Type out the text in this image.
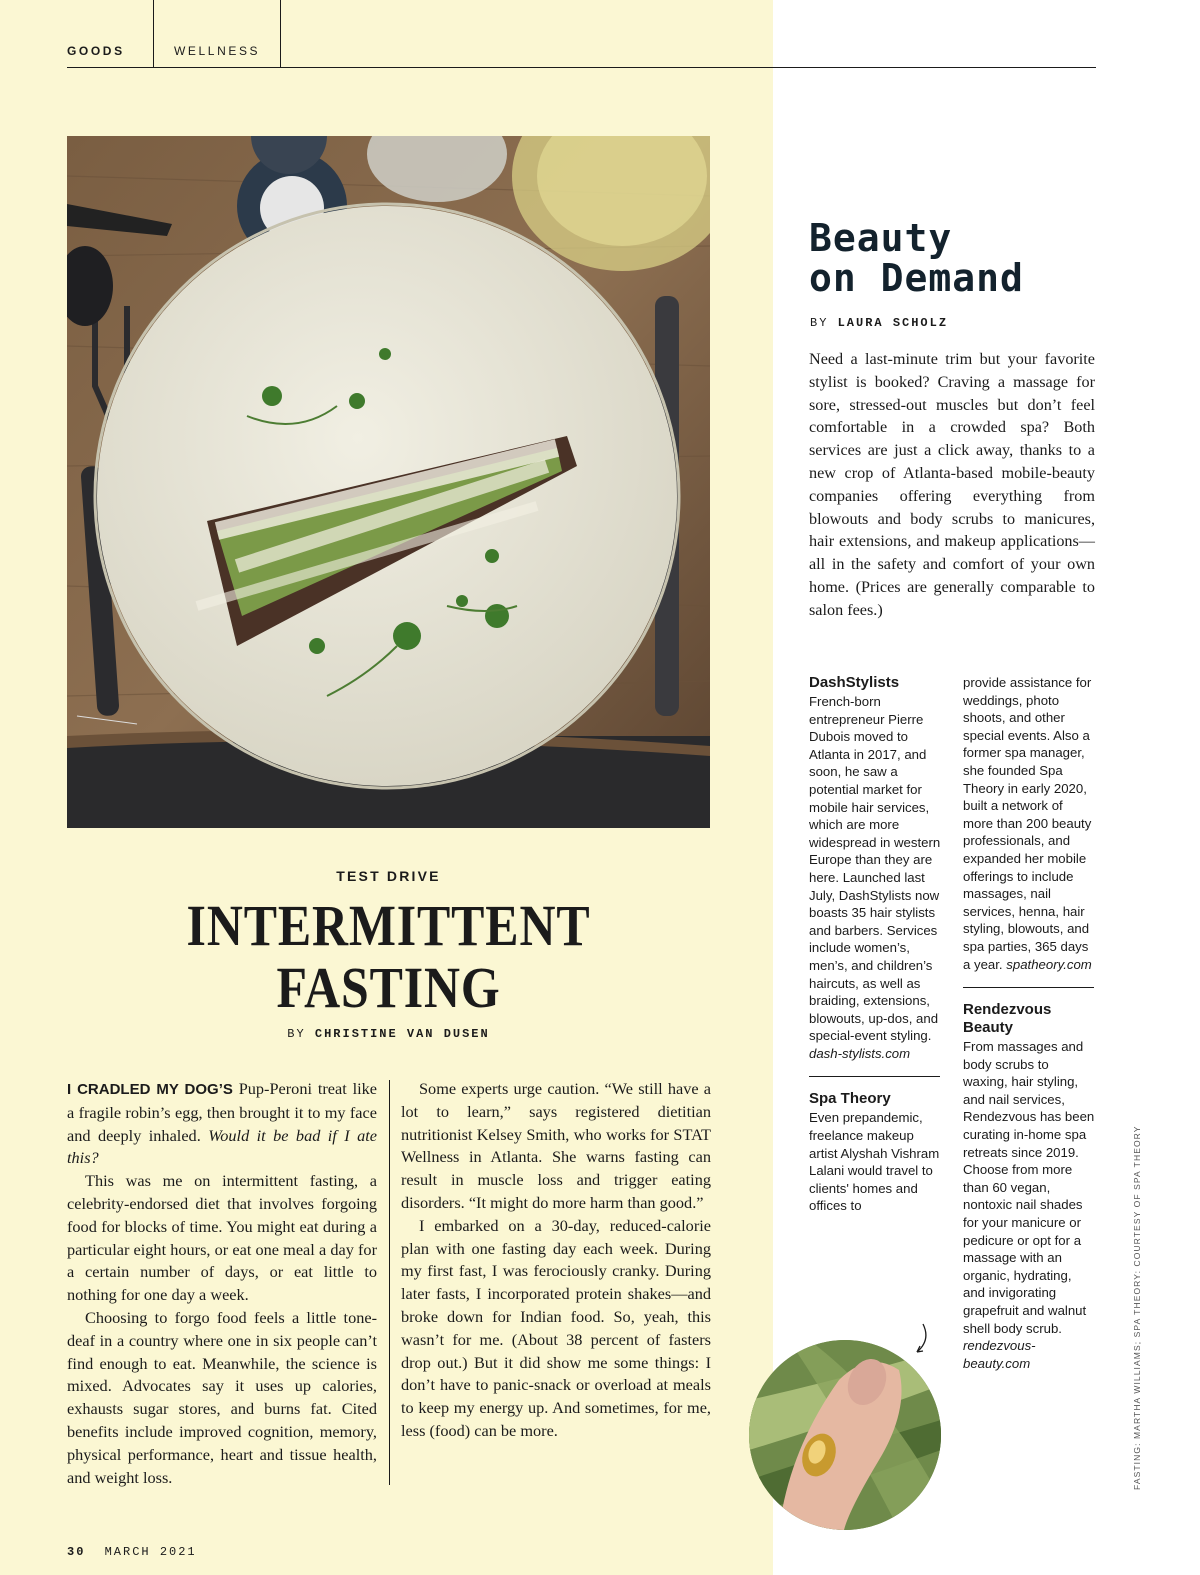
GOODS	WELLNESS
TEST DRIVE
INTERMITTENT
FASTING
BY CHRISTINE VAN DUSEN

I CRADLED MY DOG’S Pup-Peroni treat like a fragile robin’s egg, then brought it to my face and deeply inhaled. Would it be bad if I ate this?

This was me on intermittent fasting, a celebrity-endorsed diet that involves forgoing food for blocks of time. You might eat during a particular eight hours, or eat one meal a day for a certain number of days, or eat little to nothing for one day a week.

Choosing to forgo food feels a little tone-deaf in a country where one in six people can’t find enough to eat. Meanwhile, the science is mixed. Advocates say it uses up calories, exhausts sugar stores, and burns fat. Cited benefits include improved cognition, memory, physical performance, heart and tissue health, and weight loss.

Some experts urge caution. “We still have a lot to learn,” says registered dietitian nutritionist Kelsey Smith, who works for STAT Wellness in Atlanta. She warns fasting can result in muscle loss and trigger eating disorders. “It might do more harm than good.”

I embarked on a 30-day, reduced-calorie plan with one fasting day each week. During my first fast, I was ferociously cranky. During later fasts, I incorporated protein shakes—and broke down for Indian food. So, yeah, this wasn’t for me. (About 38 percent of fasters drop out.) But it did show me some things: I don’t have to panic-snack or overload at meals to keep my energy up. And sometimes, for me, less (food) can be more.

30 MARCH 2021
Beauty
on Demand
BY LAURA SCHOLZ
Need a last-minute trim but your favorite stylist is booked? Craving a massage for sore, stressed-out muscles but don’t feel comfortable in a crowded spa? Both services are just a click away, thanks to a new crop of Atlanta-based mobile-beauty companies offering everything from blowouts and body scrubs to manicures, hair extensions, and makeup applications—all in the safety and comfort of your own home. (Prices are generally comparable to salon fees.)
DashStylists
French-born entrepreneur Pierre Dubois moved to Atlanta in 2017, and soon, he saw a potential market for mobile hair services, which are more widespread in western Europe than they are here. Launched last July, DashStylists now boasts 35 hair stylists and barbers. Services include women’s, men’s, and children’s haircuts, as well as braiding, extensions, blowouts, up-dos, and special-event styling. dash-stylists.com
Spa Theory
Even prepandemic, freelance makeup artist Alyshah Vishram Lalani would travel to clients' homes and offices to
provide assistance for weddings, photo shoots, and other special events. Also a former spa manager, she founded Spa Theory in early 2020, built a network of more than 200 beauty professionals, and expanded her mobile offerings to include massages, nail services, henna, hair styling, blowouts, and spa parties, 365 days a year. spatheory.com
Rendezvous Beauty
From massages and body scrubs to waxing, hair styling, and nail services, Rendezvous has been curating in-home spa retreats since 2019. Choose from more than 60 vegan, nontoxic nail shades for your manicure or pedicure or opt for a massage with an organic, hydrating, and invigorating grapefruit and walnut shell body scrub. rendezvous-beauty.com	FASTING: MARTHA WILLIAMS; SPA THEORY: COURTESY OF SPA THEORY
